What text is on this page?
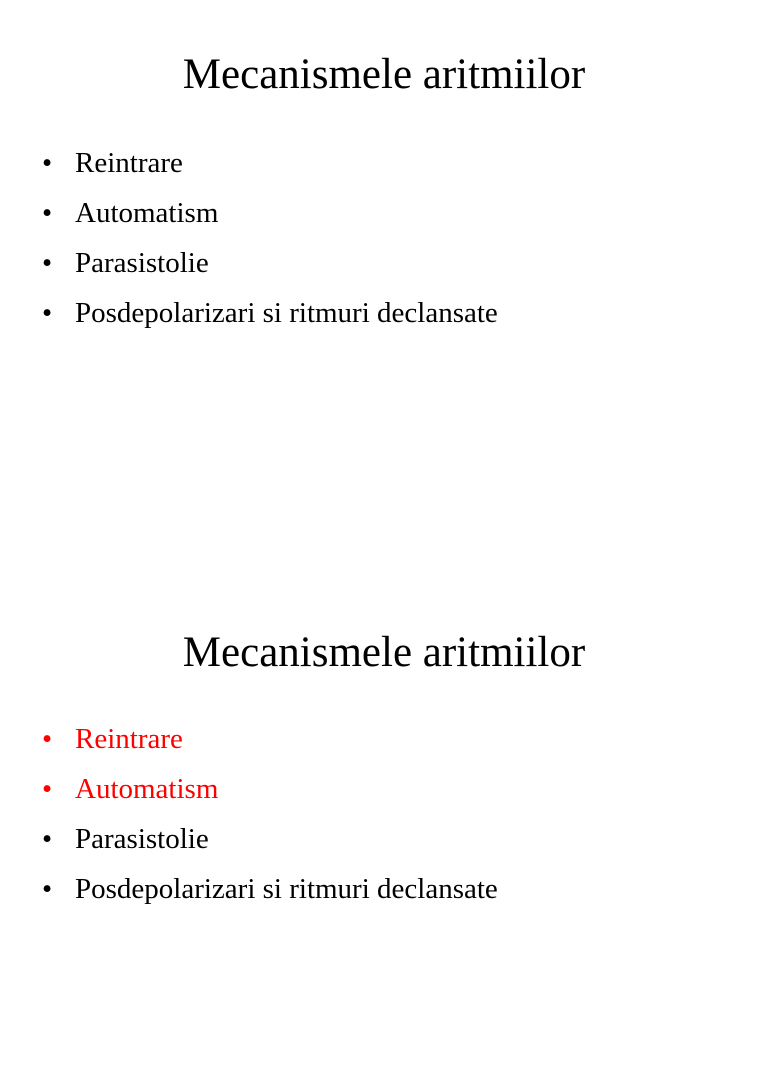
Mecanismele aritmiilor
• Reintrare
• Automatism
• Parasistolie
• Posdepolarizari si ritmuri declansate
Mecanismele aritmiilor
• Reintrare
• Automatism
• Parasistolie
• Posdepolarizari si ritmuri declansate
